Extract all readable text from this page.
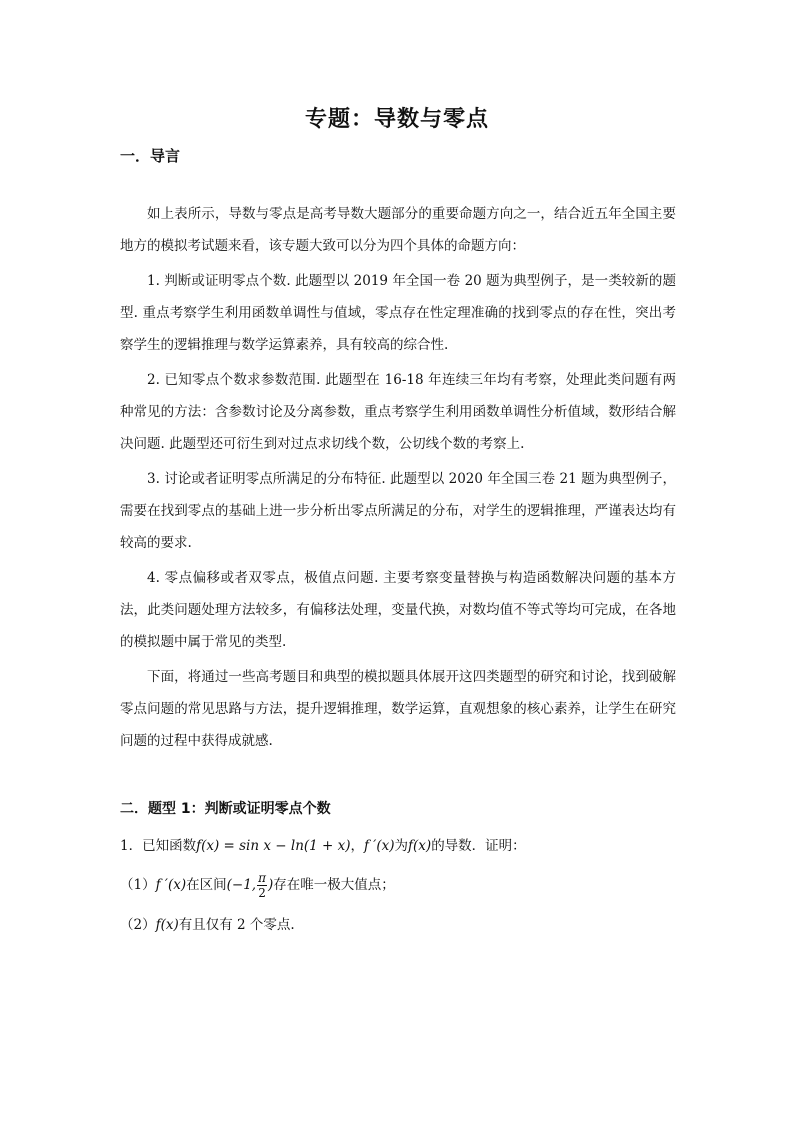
专题：导数与零点
一．导言

如上表所示，导数与零点是高考导数大题部分的重要命题方向之一，结合近五年全国主要地方的模拟考试题来看，该专题大致可以分为四个具体的命题方向：

1. 判断或证明零点个数. 此题型以 2019 年全国一卷 20 题为典型例子，是一类较新的题型. 重点考察学生利用函数单调性与值域，零点存在性定理准确的找到零点的存在性，突出考察学生的逻辑推理与数学运算素养，具有较高的综合性.

2. 已知零点个数求参数范围. 此题型在 16-18 年连续三年均有考察，处理此类问题有两种常见的方法：含参数讨论及分离参数，重点考察学生利用函数单调性分析值域，数形结合解决问题. 此题型还可衍生到对过点求切线个数，公切线个数的考察上.

3. 讨论或者证明零点所满足的分布特征. 此题型以 2020 年全国三卷 21 题为典型例子，需要在找到零点的基础上进一步分析出零点所满足的分布，对学生的逻辑推理，严谨表达均有较高的要求.

4. 零点偏移或者双零点，极值点问题. 主要考察变量替换与构造函数解决问题的基本方法，此类问题处理方法较多，有偏移法处理，变量代换，对数均值不等式等均可完成，在各地的模拟题中属于常见的类型.

下面，将通过一些高考题目和典型的模拟题具体展开这四类题型的研究和讨论，找到破解零点问题的常见思路与方法，提升逻辑推理，数学运算，直观想象的核心素养，让学生在研究问题的过程中获得成就感.

二．题型 1：判断或证明零点个数
1．已知函数f(x) = sin x − ln(1 + x)，f ′(x)为f(x)的导数．证明：
（1）f ′(x)在区间(−1, $\frac{\pi}{2}$ )存在唯一极大值点；
（2）f(x)有且仅有 2 个零点.
